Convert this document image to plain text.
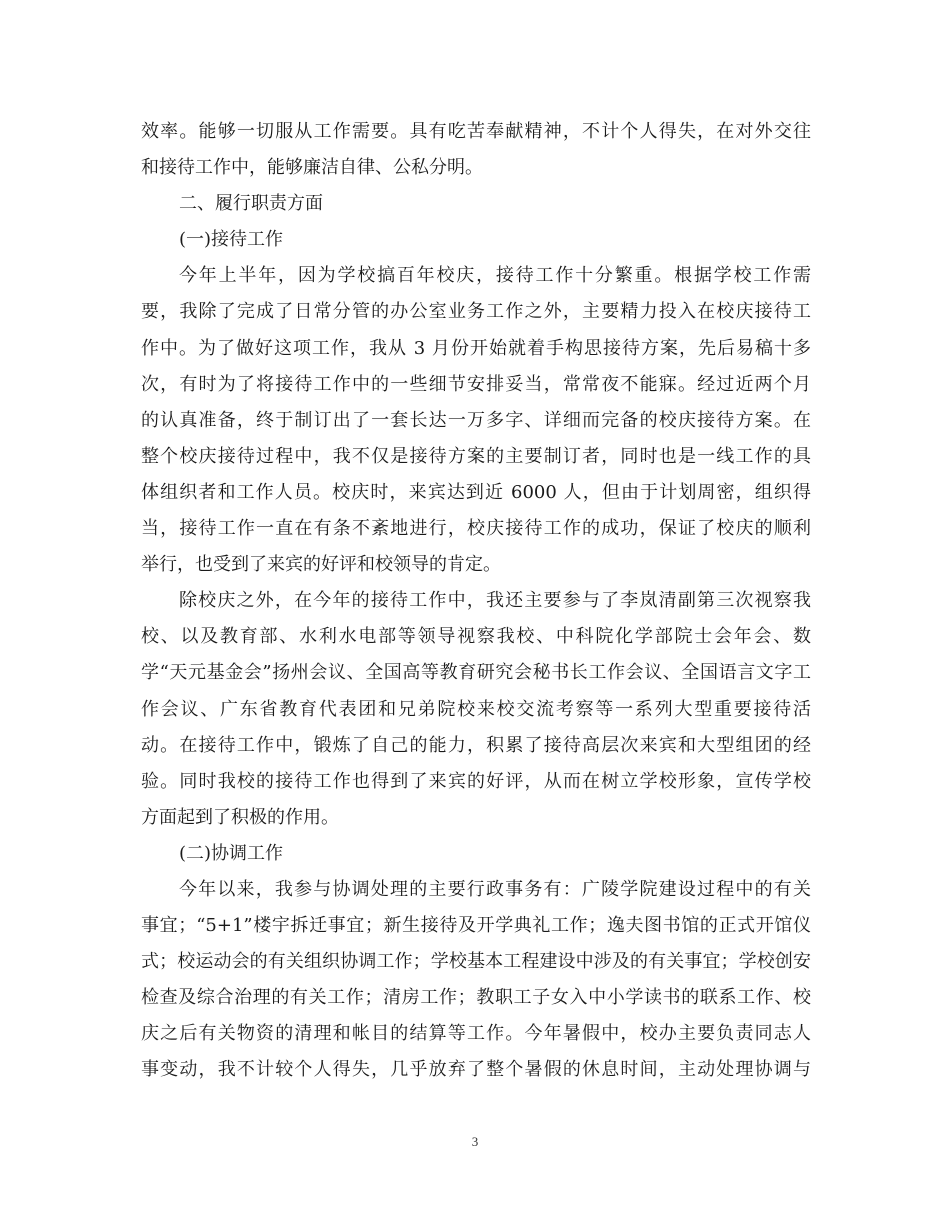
效率。能够一切服从工作需要。具有吃苦奉献精神，不计个人得失，在对外交往
和接待工作中，能够廉洁自律、公私分明。
二、履行职责方面
(一)接待工作
今年上半年，因为学校搞百年校庆，接待工作十分繁重。根据学校工作需
要，我除了完成了日常分管的办公室业务工作之外，主要精力投入在校庆接待工
作中。为了做好这项工作，我从 3 月份开始就着手构思接待方案，先后易稿十多
次，有时为了将接待工作中的一些细节安排妥当，常常夜不能寐。经过近两个月
的认真准备，终于制订出了一套长达一万多字、详细而完备的校庆接待方案。在
整个校庆接待过程中，我不仅是接待方案的主要制订者，同时也是一线工作的具
体组织者和工作人员。校庆时，来宾达到近 6000 人，但由于计划周密，组织得
当，接待工作一直在有条不紊地进行，校庆接待工作的成功，保证了校庆的顺利
举行，也受到了来宾的好评和校领导的肯定。
除校庆之外，在今年的接待工作中，我还主要参与了李岚清副第三次视察我
校、以及教育部、水利水电部等领导视察我校、中科院化学部院士会年会、数
学“天元基金会”扬州会议、全国高等教育研究会秘书长工作会议、全国语言文字工
作会议、广东省教育代表团和兄弟院校来校交流考察等一系列大型重要接待活
动。在接待工作中，锻炼了自己的能力，积累了接待高层次来宾和大型组团的经
验。同时我校的接待工作也得到了来宾的好评，从而在树立学校形象，宣传学校
方面起到了积极的作用。
(二)协调工作
今年以来，我参与协调处理的主要行政事务有：广陵学院建设过程中的有关
事宜；“5+1”楼宇拆迁事宜；新生接待及开学典礼工作；逸夫图书馆的正式开馆仪
式；校运动会的有关组织协调工作；学校基本工程建设中涉及的有关事宜；学校创安
检查及综合治理的有关工作；清房工作；教职工子女入中小学读书的联系工作、校
庆之后有关物资的清理和帐目的结算等工作。今年暑假中，校办主要负责同志人
事变动，我不计较个人得失，几乎放弃了整个暑假的休息时间，主动处理协调与
3
